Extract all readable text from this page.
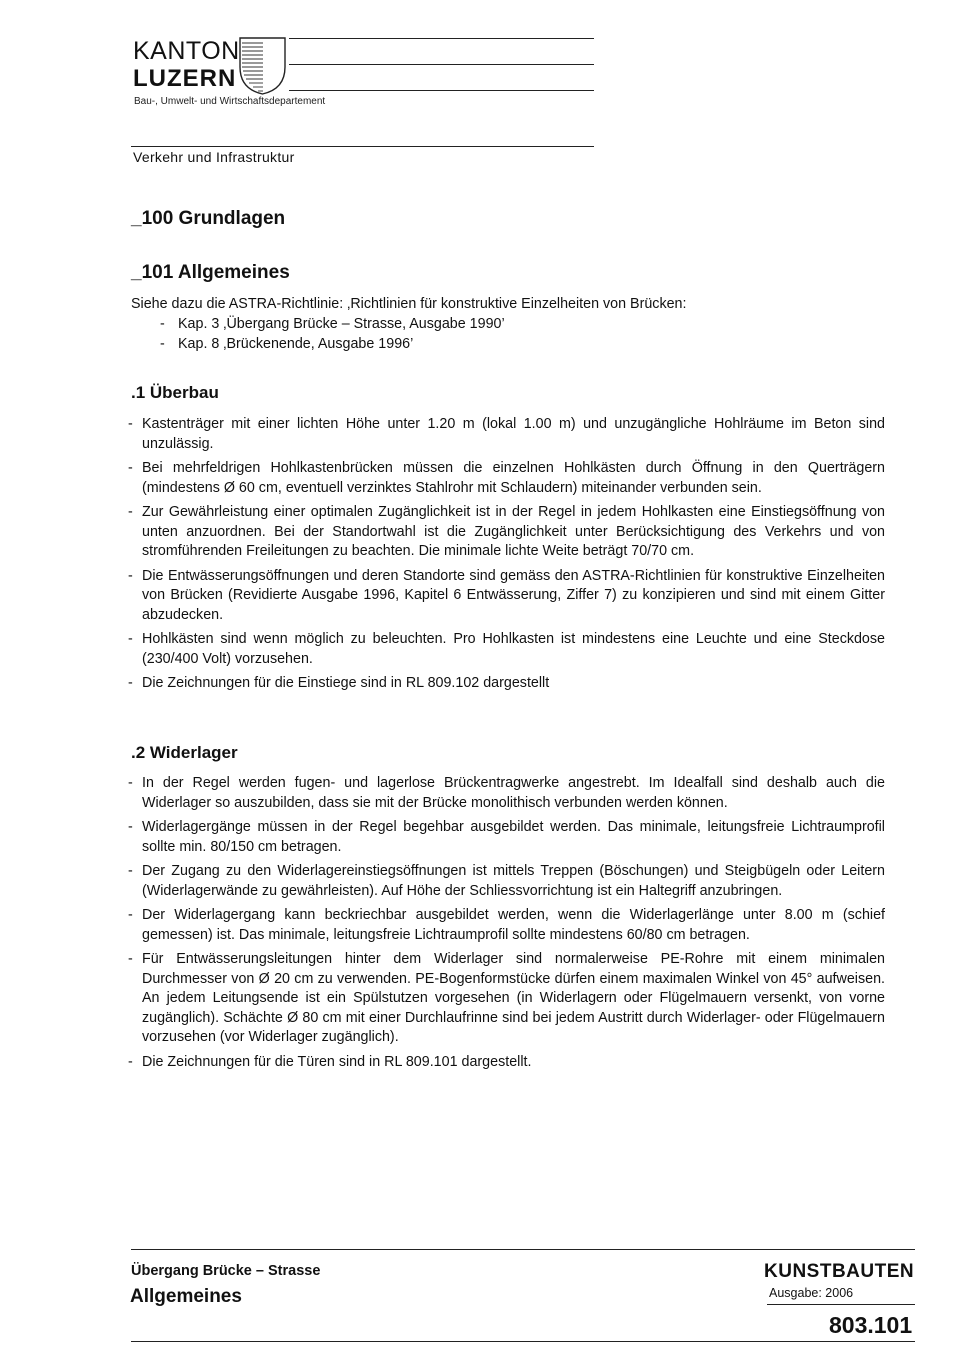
KANTON
LUZERN
Bau-, Umwelt- und Wirtschaftsdepartement
Verkehr und Infrastruktur
_100 Grundlagen
_101 Allgemeines
Siehe dazu die ASTRA-Richtlinie: ‚Richtlinien für konstruktive Einzelheiten von Brücken:
- Kap. 3 ‚Übergang Brücke – Strasse, Ausgabe 1990’
- Kap. 8 ‚Brückenende, Ausgabe 1996’
.1 Überbau
- Kastenträger mit einer lichten Höhe unter 1.20 m (lokal 1.00 m) und unzugängliche Hohlräume im Beton sind unzulässig.
- Bei mehrfeldrigen Hohlkastenbrücken müssen die einzelnen Hohlkästen durch Öffnung in den Querträgern (mindestens Ø 60 cm, eventuell verzinktes Stahlrohr mit Schlaudern) miteinander verbunden sein.
- Zur Gewährleistung einer optimalen Zugänglichkeit ist in der Regel in jedem Hohlkasten eine Einstiegsöffnung von unten anzuordnen. Bei der Standortwahl ist die Zugänglichkeit unter Berücksichtigung des Verkehrs und von stromführenden Freileitungen zu beachten. Die minimale lichte Weite beträgt 70/70 cm.
- Die Entwässerungsöffnungen und deren Standorte sind gemäss den ASTRA-Richtlinien für konstruktive Einzelheiten von Brücken (Revidierte Ausgabe 1996, Kapitel 6 Entwässerung, Ziffer 7) zu konzipieren und sind mit einem Gitter abzudecken.
- Hohlkästen sind wenn möglich zu beleuchten. Pro Hohlkasten ist mindestens eine Leuchte und eine Steckdose (230/400 Volt) vorzusehen.
- Die Zeichnungen für die Einstiege sind in RL 809.102 dargestellt
.2 Widerlager
- In der Regel werden fugen- und lagerlose Brückentragwerke angestrebt. Im Idealfall sind deshalb auch die Widerlager so auszubilden, dass sie mit der Brücke monolithisch verbunden werden können.
- Widerlagergänge müssen in der Regel begehbar ausgebildet werden. Das minimale, leitungsfreie Lichtraumprofil sollte min. 80/150 cm betragen.
- Der Zugang zu den Widerlagereinstiegsöffnungen ist mittels Treppen (Böschungen) und Steigbügeln oder Leitern (Widerlagerwände zu gewährleisten). Auf Höhe der Schliessvorrichtung ist ein Haltegriff anzubringen.
- Der Widerlagergang kann beckriechbar ausgebildet werden, wenn die Widerlagerlänge unter 8.00 m (schief gemessen) ist. Das minimale, leitungsfreie Lichtraumprofil sollte mindestens 60/80 cm betragen.
- Für Entwässerungsleitungen hinter dem Widerlager sind normalerweise PE-Rohre mit einem minimalen Durchmesser von Ø 20 cm zu verwenden. PE-Bogenformstücke dürfen einem maximalen Winkel von 45° aufweisen. An jedem Leitungsende ist ein Spülstutzen vorgesehen (in Widerlagern oder Flügelmauern versenkt, von vorne zugänglich). Schächte Ø 80 cm mit einer Durchlaufrinne sind bei jedem Austritt durch Widerlager- oder Flügelmauern vorzusehen (vor Widerlager zugänglich).
- Die Zeichnungen für die Türen sind in RL 809.101 dargestellt.
Übergang Brücke – Strasse
Allgemeines
KUNSTBAUTEN
Ausgabe: 2006
803.101
